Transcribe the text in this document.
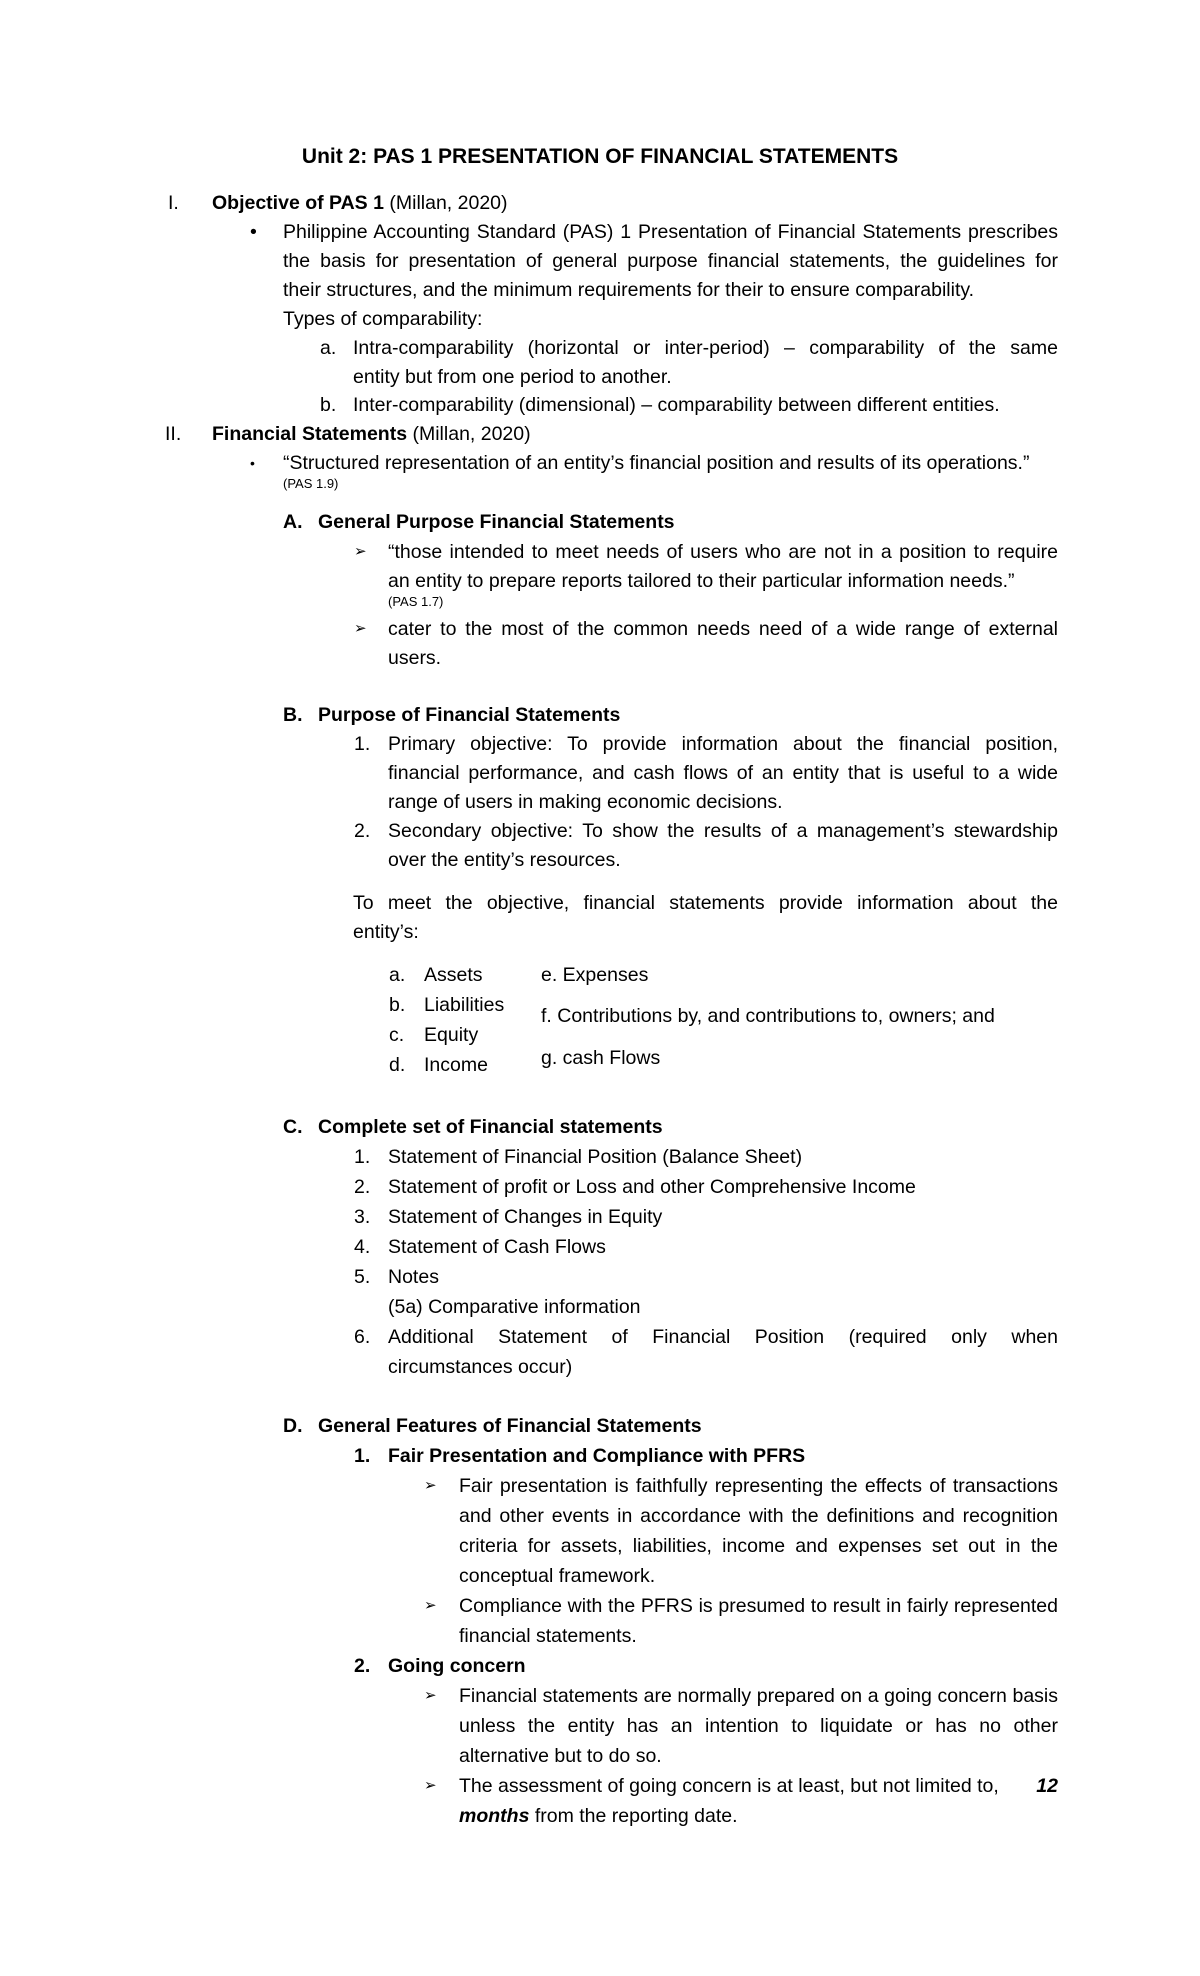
Unit 2: PAS 1 PRESENTATION OF FINANCIAL STATEMENTS
I. Objective of PAS 1 (Millan, 2020)
• Philippine Accounting Standard (PAS) 1 Presentation of Financial Statements prescribes
the basis for presentation of general purpose financial statements, the guidelines for
their structures, and the minimum requirements for their to ensure comparability.
Types of comparability:
a. Intra-comparability (horizontal or inter-period) – comparability of the same
entity but from one period to another.
b. Inter-comparability (dimensional) – comparability between different entities.
II. Financial Statements (Millan, 2020)
• “Structured representation of an entity’s financial position and results of its operations.”
(PAS 1.9)
A. General Purpose Financial Statements
➢ “those intended to meet needs of users who are not in a position to require
an entity to prepare reports tailored to their particular information needs.”
(PAS 1.7)
➢ cater to the most of the common needs need of a wide range of external
users.
B. Purpose of Financial Statements
1. Primary objective: To provide information about the financial position,
financial performance, and cash flows of an entity that is useful to a wide
range of users in making economic decisions.
2. Secondary objective: To show the results of a management’s stewardship
over the entity’s resources.
To meet the objective, financial statements provide information about the
entity’s:
a. Assets
b. Liabilities
c. Equity
d. Income
e. Expenses
f. Contributions by, and contributions to, owners; and
g. cash Flows
C. Complete set of Financial statements
1. Statement of Financial Position (Balance Sheet)
2. Statement of profit or Loss and other Comprehensive Income
3. Statement of Changes in Equity
4. Statement of Cash Flows
5. Notes
(5a) Comparative information
6. Additional Statement of Financial Position (required only when
circumstances occur)
D. General Features of Financial Statements
1. Fair Presentation and Compliance with PFRS
➢ Fair presentation is faithfully representing the effects of transactions
and other events in accordance with the definitions and recognition
criteria for assets, liabilities, income and expenses set out in the
conceptual framework.
➢ Compliance with the PFRS is presumed to result in fairly represented
financial statements.
2. Going concern
➢ Financial statements are normally prepared on a going concern basis
unless the entity has an intention to liquidate or has no other
alternative but to do so.
➢ The assessment of going concern is at least, but not limited to, 12
months from the reporting date.
